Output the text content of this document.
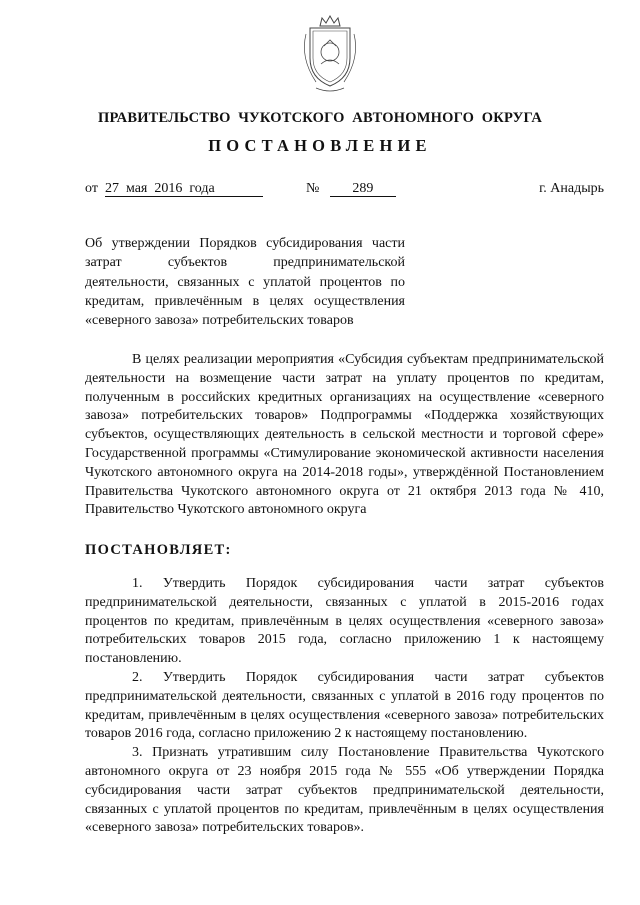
ПРАВИТЕЛЬСТВО  ЧУКОТСКОГО  АВТОНОМНОГО  ОКРУГА
ПОСТАНОВЛЕНИЕ
от 27  мая  2016  года	№ 289	г. Анадырь
Об утверждении Порядков субсидирования части затрат субъектов предпринимательской деятельности, связанных с уплатой процентов по кредитам, привлечённым в целях осуществления «северного завоза» потребительских товаров

В целях реализации мероприятия «Субсидия субъектам предпринимательской деятельности на возмещение части затрат на уплату процентов по кредитам, полученным в российских кредитных организациях на осуществление «северного завоза» потребительских товаров» Подпрограммы «Поддержка хозяйствующих субъектов, осуществляющих деятельность в сельской местности и торговой сфере» Государственной программы «Стимулирование экономической активности населения Чукотского автономного округа на 2014-2018 годы», утверждённой Постановлением Правительства Чукотского автономного округа от 21 октября 2013 года № 410, Правительство Чукотского автономного округа

ПОСТАНОВЛЯЕТ:

1. Утвердить Порядок субсидирования части затрат субъектов предпринимательской деятельности, связанных с уплатой в 2015-2016 годах процентов по кредитам, привлечённым в целях осуществления «северного завоза» потребительских товаров 2015 года, согласно приложению 1 к настоящему постановлению.

2. Утвердить Порядок субсидирования части затрат субъектов предпринимательской деятельности, связанных с уплатой в 2016 году процентов по кредитам, привлечённым в целях осуществления «северного завоза» потребительских товаров 2016 года, согласно приложению 2 к настоящему постановлению.

3. Признать утратившим силу Постановление Правительства Чукотского автономного округа от 23 ноября 2015 года № 555 «Об утверждении Порядка субсидирования части затрат субъектов предпринимательской деятельности, связанных с уплатой процентов по кредитам, привлечённым в целях осуществления «северного завоза» потребительских товаров».
